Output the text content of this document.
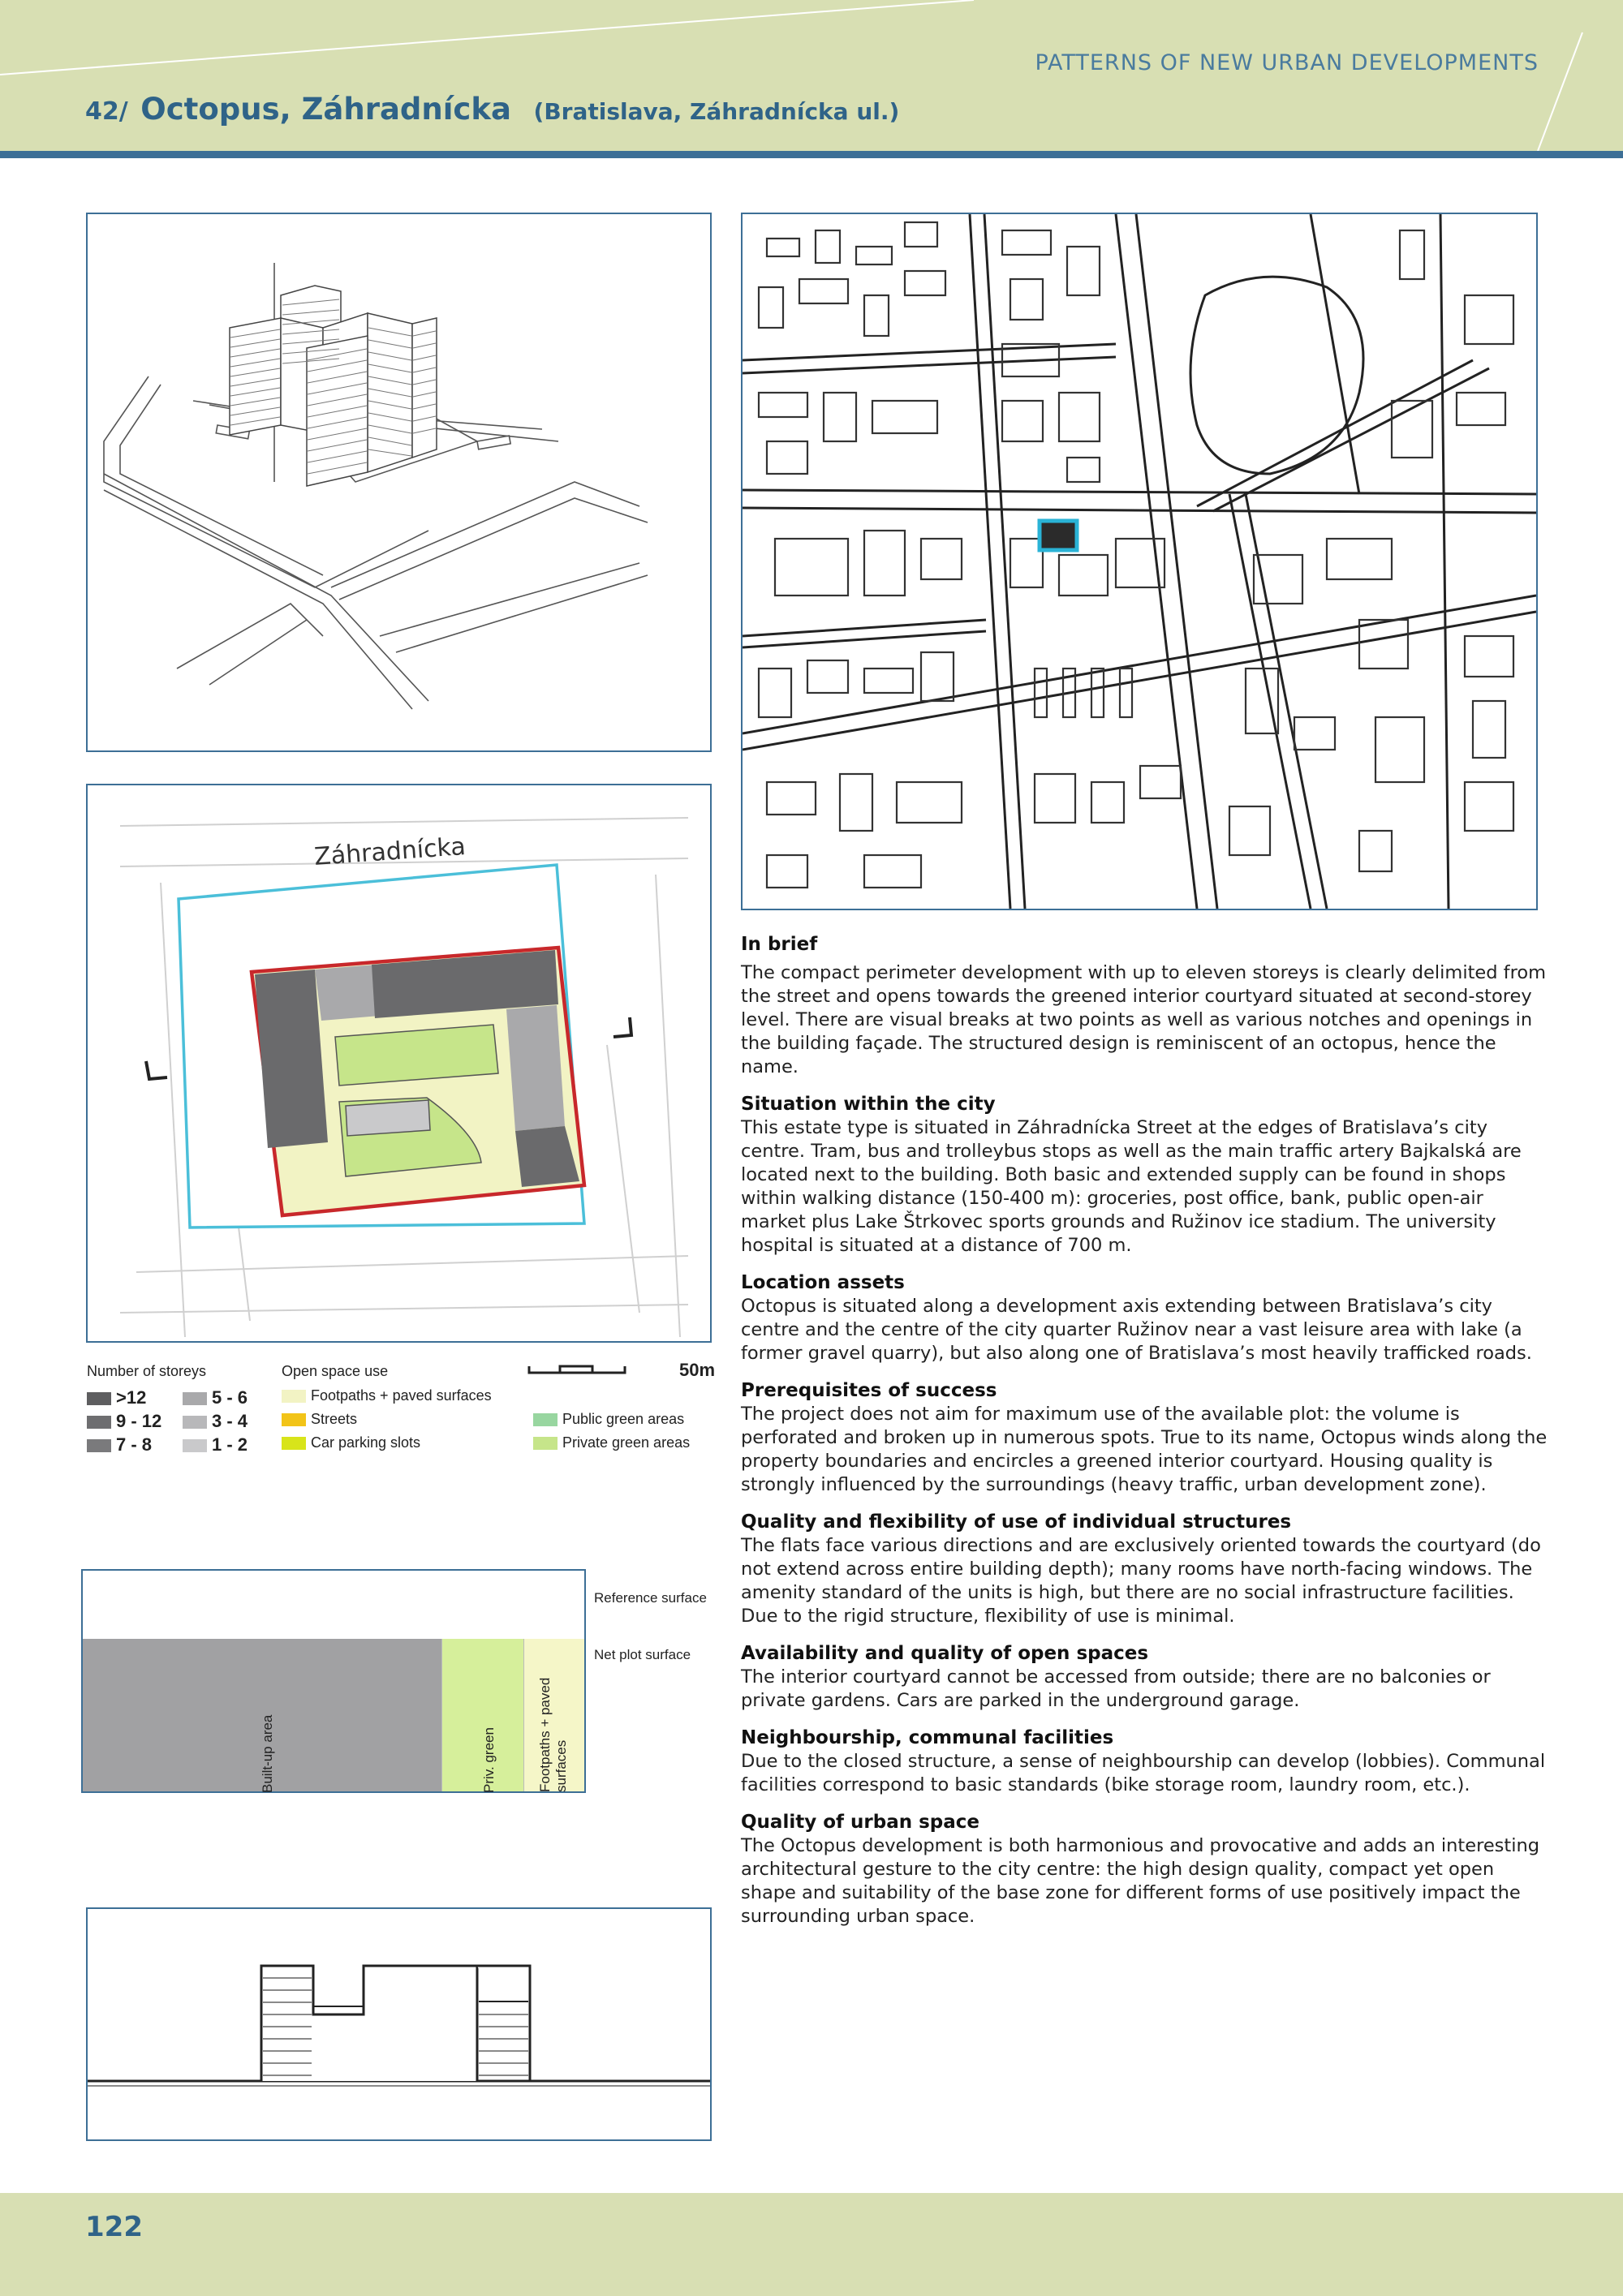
PATTERNS OF NEW URBAN DEVELOPMENTS
42/ Octopus, Záhradnícka (Bratislava, Záhradnícka ul.)
Záhradnícka
Number of storeys
>12
9 - 12
7 - 8
5 - 6
3 - 4
1 - 2
Open space use
Footpaths + paved surfaces
Streets
Car parking slots
Public green areas
Private green areas
50m
Built-up area	Priv. green	Footpaths + paved surfaces
Reference surface
Net plot surface
In brief

The compact perimeter development with up to eleven storeys is clearly delimited from the street and opens towards the greened interior courtyard situated at second-storey level. There are visual breaks at two points as well as various notches and openings in the building façade. The structured design is reminiscent of an octopus, hence the name.

Situation within the city

This estate type is situated in Záhradnícka Street at the edges of Bratislava’s city centre. Tram, bus and trolleybus stops as well as the main traffic artery Bajkalská are located next to the building. Both basic and extended supply can be found in shops within walking distance (150-400 m): groceries, post office, bank, public open-air market plus Lake Štrkovec sports grounds and Ružinov ice stadium. The university hospital is situated at a distance of 700 m.

Location assets

Octopus is situated along a development axis extending between Bratislava’s city centre and the centre of the city quarter Ružinov near a vast leisure area with lake (a former gravel quarry), but also along one of Bratislava’s most heavily trafficked roads.

Prerequisites of success

The project does not aim for maximum use of the available plot: the volume is perforated and broken up in numerous spots. True to its name, Octopus winds along the property boundaries and encircles a greened interior courtyard. Housing quality is strongly influenced by the surroundings (heavy traffic, urban development zone).

Quality and flexibility of use of individual structures

The flats face various directions and are exclusively oriented towards the courtyard (do not extend across entire building depth); many rooms have north-facing windows. The amenity standard of the units is high, but there are no social infrastructure facilities. Due to the rigid structure, flexibility of use is minimal.

Availability and quality of open spaces

The interior courtyard cannot be accessed from outside; there are no balconies or private gardens. Cars are parked in the underground garage.

Neighbourship, communal facilities

Due to the closed structure, a sense of neighbourship can develop (lobbies). Communal facilities correspond to basic standards (bike storage room, laundry room, etc.).

Quality of urban space

The Octopus development is both harmonious and provocative and adds an interesting architectural gesture to the city centre: the high design quality, compact yet open shape and suitability of the base zone for different forms of use positively impact the surrounding urban space.

122
